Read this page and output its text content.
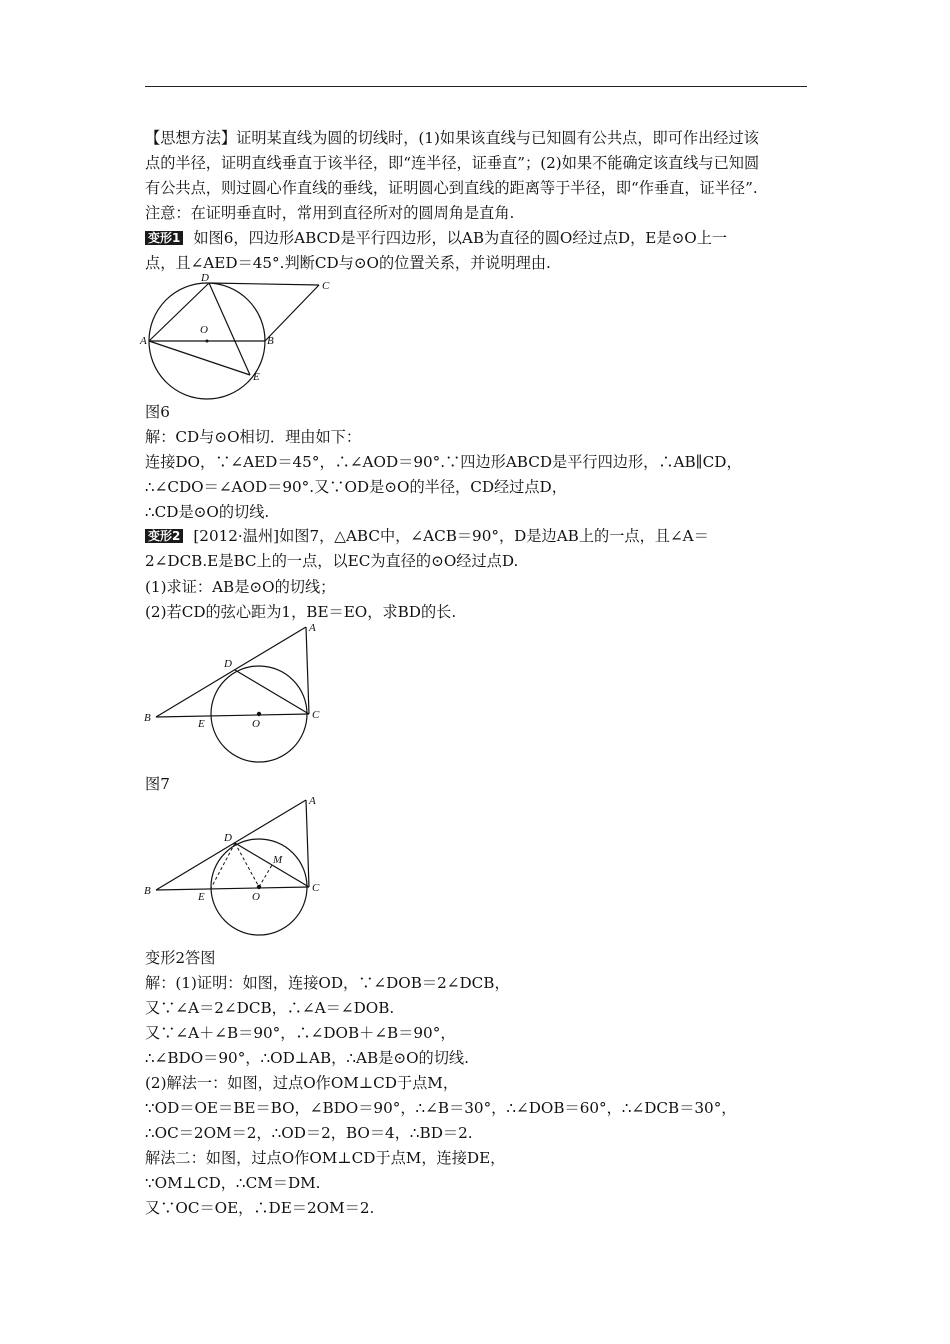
【思想方法】证明某直线为圆的切线时，(1)如果该直线与已知圆有公共点，即可作出经过该
点的半径，证明直线垂直于该半径，即“连半径，证垂直”；(2)如果不能确定该直线与已知圆
有公共点，则过圆心作直线的垂线，证明圆心到直线的距离等于半径，即“作垂直，证半径”.
注意：在证明垂直时，常用到直径所对的圆周角是直角.
变形1 如图6，四边形ABCD是平行四边形，以AB为直径的圆O经过点D，E是⊙O上一
点，且∠AED＝45°.判断CD与⊙O的位置关系，并说明理由.
D
C
O
A	B
E
图6
解：CD与⊙O相切．理由如下：
连接DO，∵∠AED＝45°，∴∠AOD＝90°.∵四边形ABCD是平行四边形，∴AB∥CD，
∴∠CDO＝∠AOD＝90°.又∵OD是⊙O的半径，CD经过点D，
∴CD是⊙O的切线.
变形2 [2012·温州]如图7，△ABC中，∠ACB＝90°，D是边AB上的一点，且∠A＝
2∠DCB.E是BC上的一点，以EC为直径的⊙O经过点D.
(1)求证：AB是⊙O的切线；
(2)若CD的弦心距为1，BE＝EO，求BD的长.
A
D
B	C
E	O
图7
A
D
M
B	C
E	O
变形2答图
解：(1)证明：如图，连接OD，∵∠DOB＝2∠DCB，
又∵∠A＝2∠DCB，∴∠A＝∠DOB.
又∵∠A＋∠B＝90°，∴∠DOB＋∠B＝90°，
∴∠BDO＝90°，∴OD⊥AB，∴AB是⊙O的切线.
(2)解法一：如图，过点O作OM⊥CD于点M，
∵OD＝OE＝BE＝BO，∠BDO＝90°，∴∠B＝30°，∴∠DOB＝60°，∴∠DCB＝30°，
∴OC＝2OM＝2，∴OD＝2，BO＝4，∴BD＝2.
解法二：如图，过点O作OM⊥CD于点M，连接DE，
∵OM⊥CD，∴CM＝DM.
又∵OC＝OE，∴DE＝2OM＝2.
